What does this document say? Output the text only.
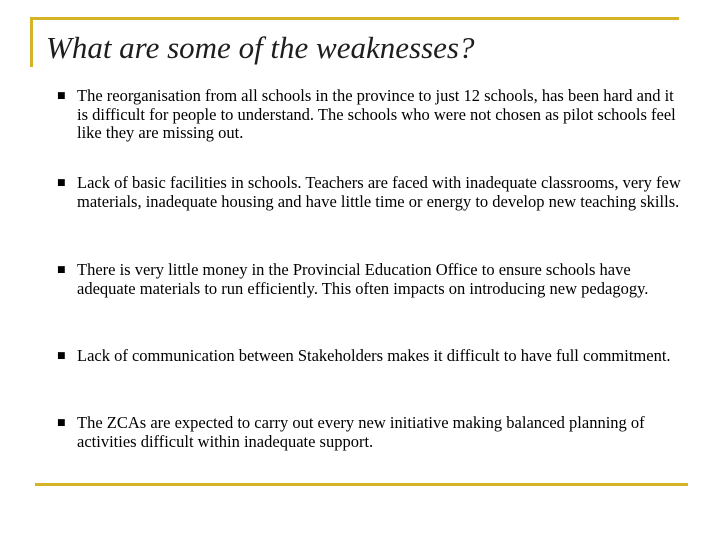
What are some of the weaknesses?
■ The reorganisation from all schools in the province to just 12 schools, has been hard and it is difficult for people to understand. The schools who were not chosen as pilot schools feel like they are missing out.

■ Lack of basic facilities in schools. Teachers are faced with inadequate classrooms, very few materials, inadequate housing and have little time or energy to develop new teaching skills.

■ There is very little money in the Provincial Education Office to ensure schools have adequate materials to run efficiently. This often impacts on introducing new pedagogy.

■ Lack of communication between Stakeholders makes it difficult to have full commitment.

■ The ZCAs are expected to carry out every new initiative making balanced planning of activities difficult within inadequate support.
